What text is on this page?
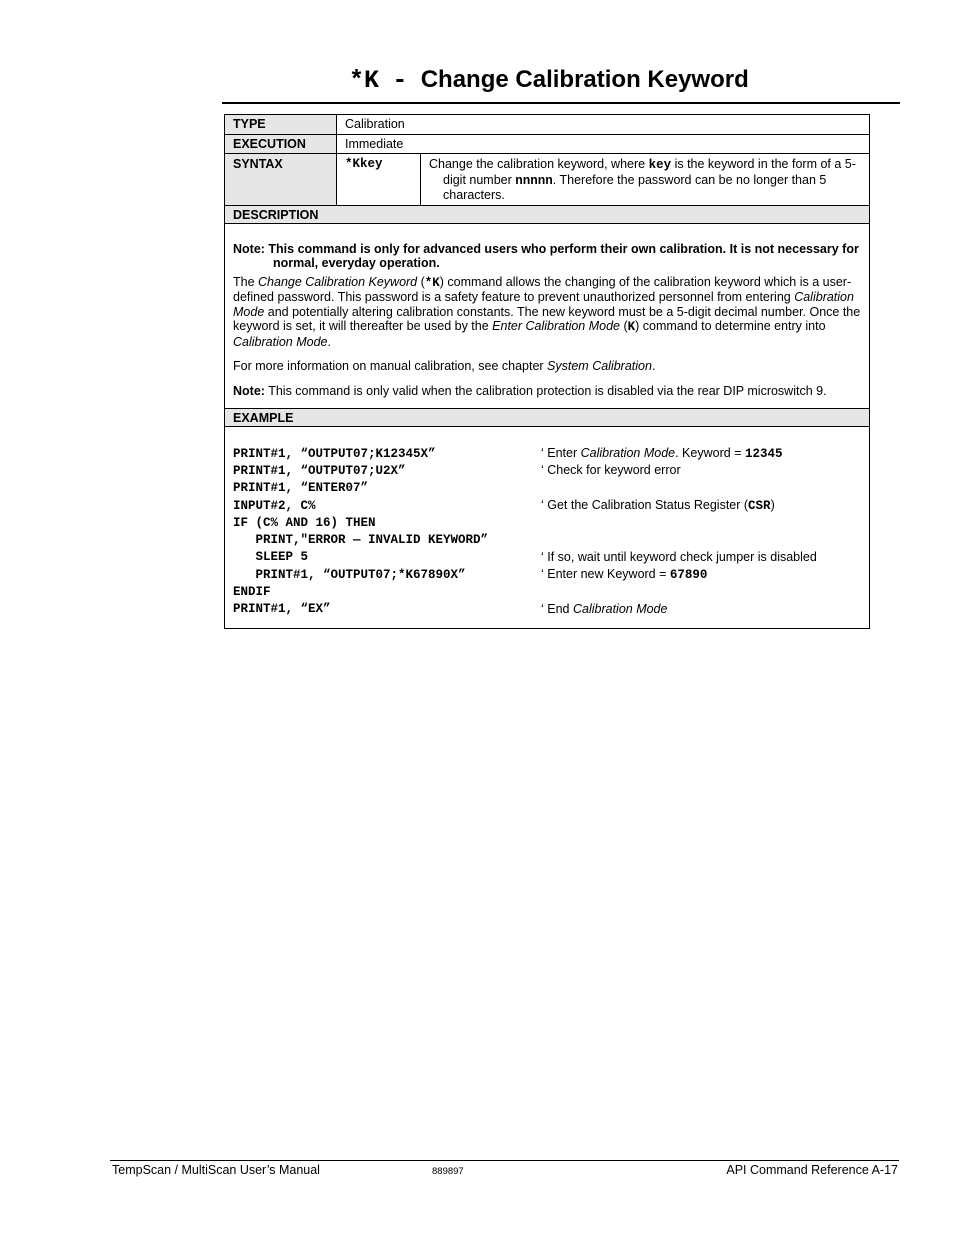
*K - Change Calibration Keyword
TYPE	Calibration
EXECUTION	Immediate
SYNTAX	*Kkey	Change the calibration keyword, where key is the keyword in the form of a 5-digit number nnnnn. Therefore the password can be no longer than 5 characters.
DESCRIPTION

Note: This command is only for advanced users who perform their own calibration. It is not necessary for normal, everyday operation.

The Change Calibration Keyword (*K) command allows the changing of the calibration keyword which is a user-defined password. This password is a safety feature to prevent unauthorized personnel from entering Calibration Mode and potentially altering calibration constants. The new keyword must be a 5-digit decimal number. Once the keyword is set, it will thereafter be used by the Enter Calibration Mode (K) command to determine entry into Calibration Mode.

For more information on manual calibration, see chapter System Calibration.

Note: This command is only valid when the calibration protection is disabled via the rear DIP microswitch 9.

EXAMPLE
PRINT#1, “OUTPUT07;K12345X”	‘ Enter Calibration Mode. Keyword = 12345
PRINT#1, “OUTPUT07;U2X”	‘ Check for keyword error
PRINT#1, “ENTER07”
INPUT#2, C%	‘ Get the Calibration Status Register (CSR)
IF (C% AND 16) THEN
PRINT,"ERROR — INVALID KEYWORD”
SLEEP 5	‘ If so, wait until keyword check jumper is disabled
PRINT#1, “OUTPUT07;*K67890X”	‘ Enter new Keyword = 67890
ENDIF
PRINT#1, “EX”	‘ End Calibration Mode
TempScan / MultiScan User’s Manual	889897	API Command Reference A-17
